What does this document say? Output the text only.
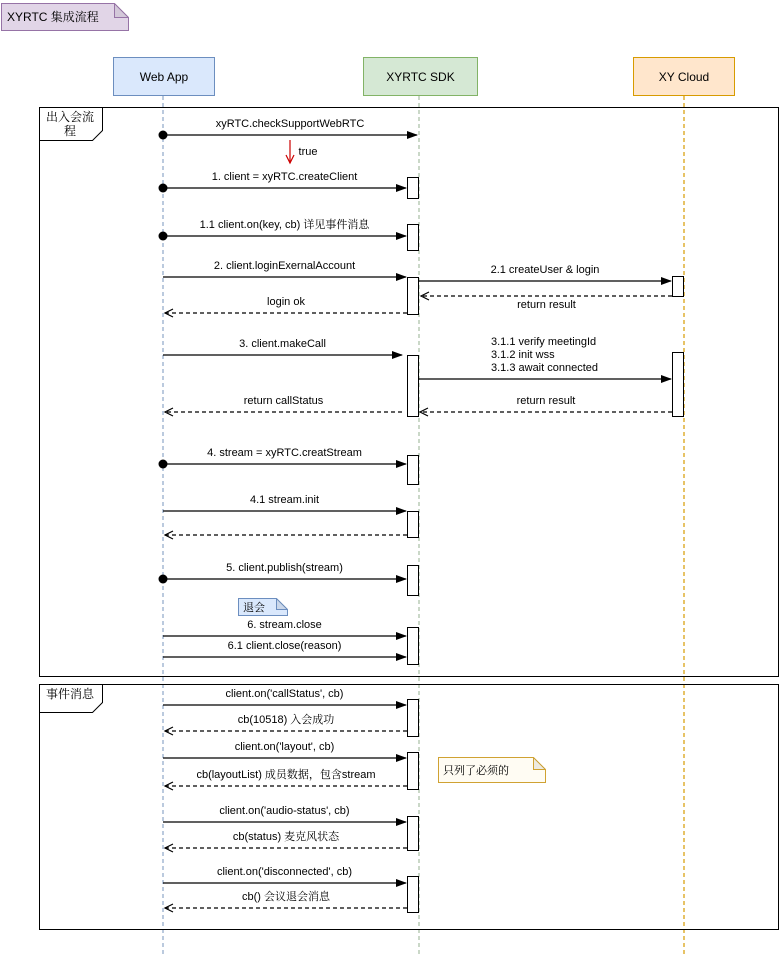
出入会流程
事件消息
Web App	XYRTC SDK	XY Cloud
xyRTC.checkSupportWebRTC
1. client = xyRTC.createClient
1.1 client.on(key, cb) 详见事件消息
2. client.loginExernalAccount	2.1 createUser & login
return result
login ok
3. client.makeCall	3.1.1 verify meetingId
3.1.2 init wss
3.1.3 await connected
return result
return callStatus
4. stream = xyRTC.creatStream
4.1 stream.init
5. client.publish(stream)
6. stream.close
6.1 client.close(reason)
client.on('callStatus', cb)
cb(10518) 入会成功
client.on('layout', cb)
cb(layoutList) 成员数据，包含stream
client.on('audio-status', cb)
cb(status) 麦克风状态
client.on('disconnected', cb)
cb() 会议退会消息
true
退会
只列了必须的
XYRTC 集成流程
